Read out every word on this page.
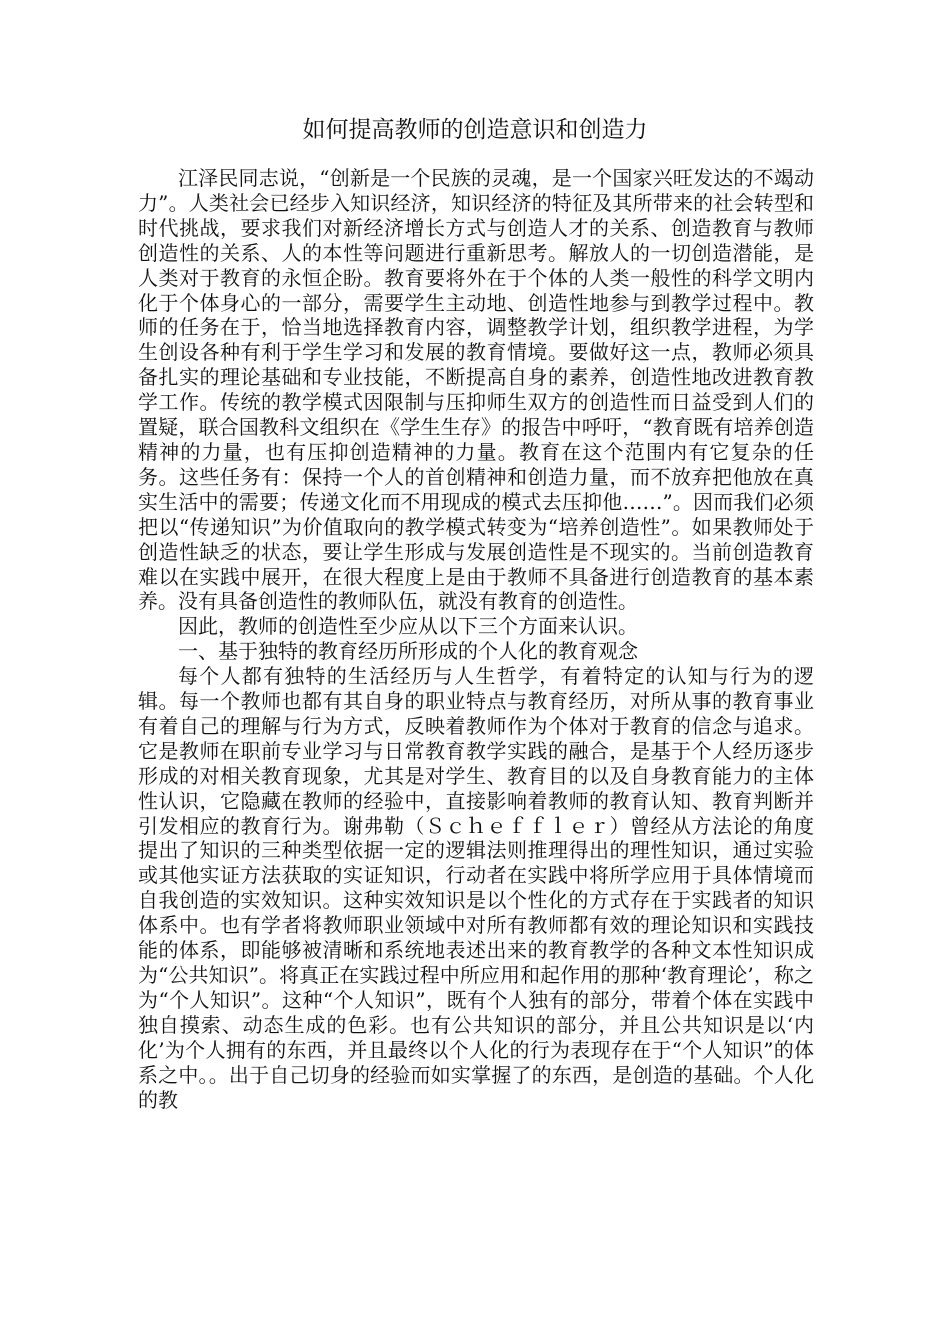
如何提高教师的创造意识和创造力

江泽民同志说，“创新是一个民族的灵魂，是一个国家兴旺发达的不竭动力”。人类社会已经步入知识经济，知识经济的特征及其所带来的社会转型和时代挑战，要求我们对新经济增长方式与创造人才的关系、创造教育与教师创造性的关系、人的本性等问题进行重新思考。解放人的一切创造潜能，是人类对于教育的永恒企盼。教育要将外在于个体的人类一般性的科学文明内化于个体身心的一部分，需要学生主动地、创造性地参与到教学过程中。教师的任务在于，恰当地选择教育内容，调整教学计划，组织教学进程，为学生创设各种有利于学生学习和发展的教育情境。要做好这一点，教师必须具备扎实的理论基础和专业技能，不断提高自身的素养，创造性地改进教育教学工作。传统的教学模式因限制与压抑师生双方的创造性而日益受到人们的置疑，联合国教科文组织在《学生生存》的报告中呼吁，“教育既有培养创造精神的力量，也有压抑创造精神的力量。教育在这个范围内有它复杂的任务。这些任务有：保持一个人的首创精神和创造力量，而不放弃把他放在真实生活中的需要；传递文化而不用现成的模式去压抑他……”。因而我们必须把以“传递知识”为价值取向的教学模式转变为“培养创造性”。如果教师处于创造性缺乏的状态，要让学生形成与发展创造性是不现实的。当前创造教育难以在实践中展开，在很大程度上是由于教师不具备进行创造教育的基本素养。没有具备创造性的教师队伍，就没有教育的创造性。

因此，教师的创造性至少应从以下三个方面来认识。

一、基于独特的教育经历所形成的个人化的教育观念

每个人都有独特的生活经历与人生哲学，有着特定的认知与行为的逻辑。每一个教师也都有其自身的职业特点与教育经历，对所从事的教育事业有着自己的理解与行为方式，反映着教师作为个体对于教育的信念与追求。它是教师在职前专业学习与日常教育教学实践的融合，是基于个人经历逐步形成的对相关教育现象，尤其是对学生、教育目的以及自身教育能力的主体性认识，它隐藏在教师的经验中，直接影响着教师的教育认知、教育判断并引发相应的教育行为。谢弗勒（Ｓｃｈｅｆｆｌｅｒ）曾经从方法论的角度提出了知识的三种类型依据一定的逻辑法则推理得出的理性知识，通过实验或其他实证方法获取的实证知识，行动者在实践中将所学应用于具体情境而自我创造的实效知识。这种实效知识是以个性化的方式存在于实践者的知识体系中。也有学者将教师职业领域中对所有教师都有效的理论知识和实践技能的体系，即能够被清晰和系统地表述出来的教育教学的各种文本性知识成为“公共知识”。将真正在实践过程中所应用和起作用的那种‘教育理论’，称之为“个人知识”。这种“个人知识”，既有个人独有的部分，带着个体在实践中独自摸索、动态生成的色彩。也有公共知识的部分，并且公共知识是以‘内化’为个人拥有的东西，并且最终以个人化的行为表现存在于“个人知识”的体系之中。。出于自己切身的经验而如实掌握了的东西，是创造的基础。个人化的教
